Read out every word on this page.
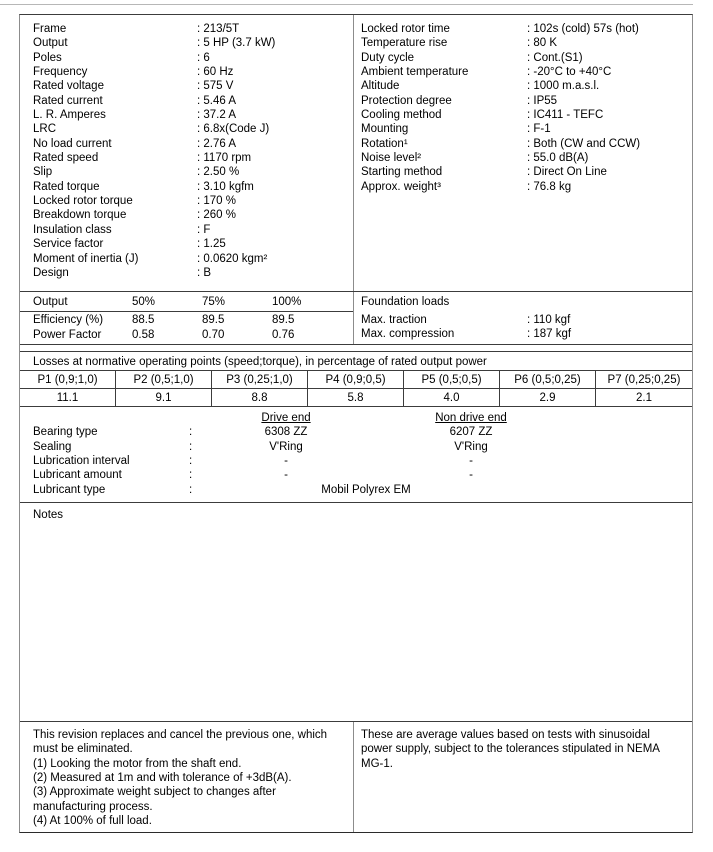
Frame	: 213/5T
Output	: 5 HP (3.7 kW)
Poles	: 6
Frequency	: 60 Hz
Rated voltage	: 575 V
Rated current	: 5.46 A
L. R. Amperes	: 37.2 A
LRC	: 6.8x(Code J)
No load current	: 2.76 A
Rated speed	: 1170 rpm
Slip	: 2.50 %
Rated torque	: 3.10 kgfm
Locked rotor torque	: 170 %
Breakdown torque	: 260 %
Insulation class	: F
Service factor	: 1.25
Moment of inertia (J)	: 0.0620 kgm²
Design	: B
Locked rotor time	: 102s (cold) 57s (hot)
Temperature rise	: 80 K
Duty cycle	: Cont.(S1)
Ambient temperature	: -20°C to +40°C
Altitude	: 1000 m.a.s.l.
Protection degree	: IP55
Cooling method	: IC411 - TEFC
Mounting	: F-1
Rotation¹	: Both (CW and CCW)
Noise level²	: 55.0 dB(A)
Starting method	: Direct On Line
Approx. weight³	: 76.8 kg
Output	50%	75%	100%
Efficiency (%)	88.5	89.5	89.5
Power Factor	0.58	0.70	0.76
Foundation loads
Max. traction	: 110 kgf
Max. compression	: 187 kgf
Losses at normative operating points (speed;torque), in percentage of rated output power
P1 (0,9;1,0)	P2 (0,5;1,0)	P3 (0,25;1,0)	P4 (0,9;0,5)	P5 (0,5;0,5)	P6 (0,5;0,25)	P7 (0,25;0,25)
11.1	9.1	8.8	5.8	4.0	2.9	2.1
Drive end	Non drive end
Bearing type	:	6308 ZZ	6207 ZZ
Sealing	:	V'Ring	V'Ring
Lubrication interval	:	-	-
Lubricant amount	:	-	-
Lubricant type	:	Mobil Polyrex EM
Notes
This revision replaces and cancel the previous one, which
must be eliminated.
(1) Looking the motor from the shaft end.
(2) Measured at 1m and with tolerance of +3dB(A).
(3) Approximate weight subject to changes after
manufacturing process.
(4) At 100% of full load.
These are average values based on tests with sinusoidal
power supply, subject to the tolerances stipulated in NEMA
MG-1.
